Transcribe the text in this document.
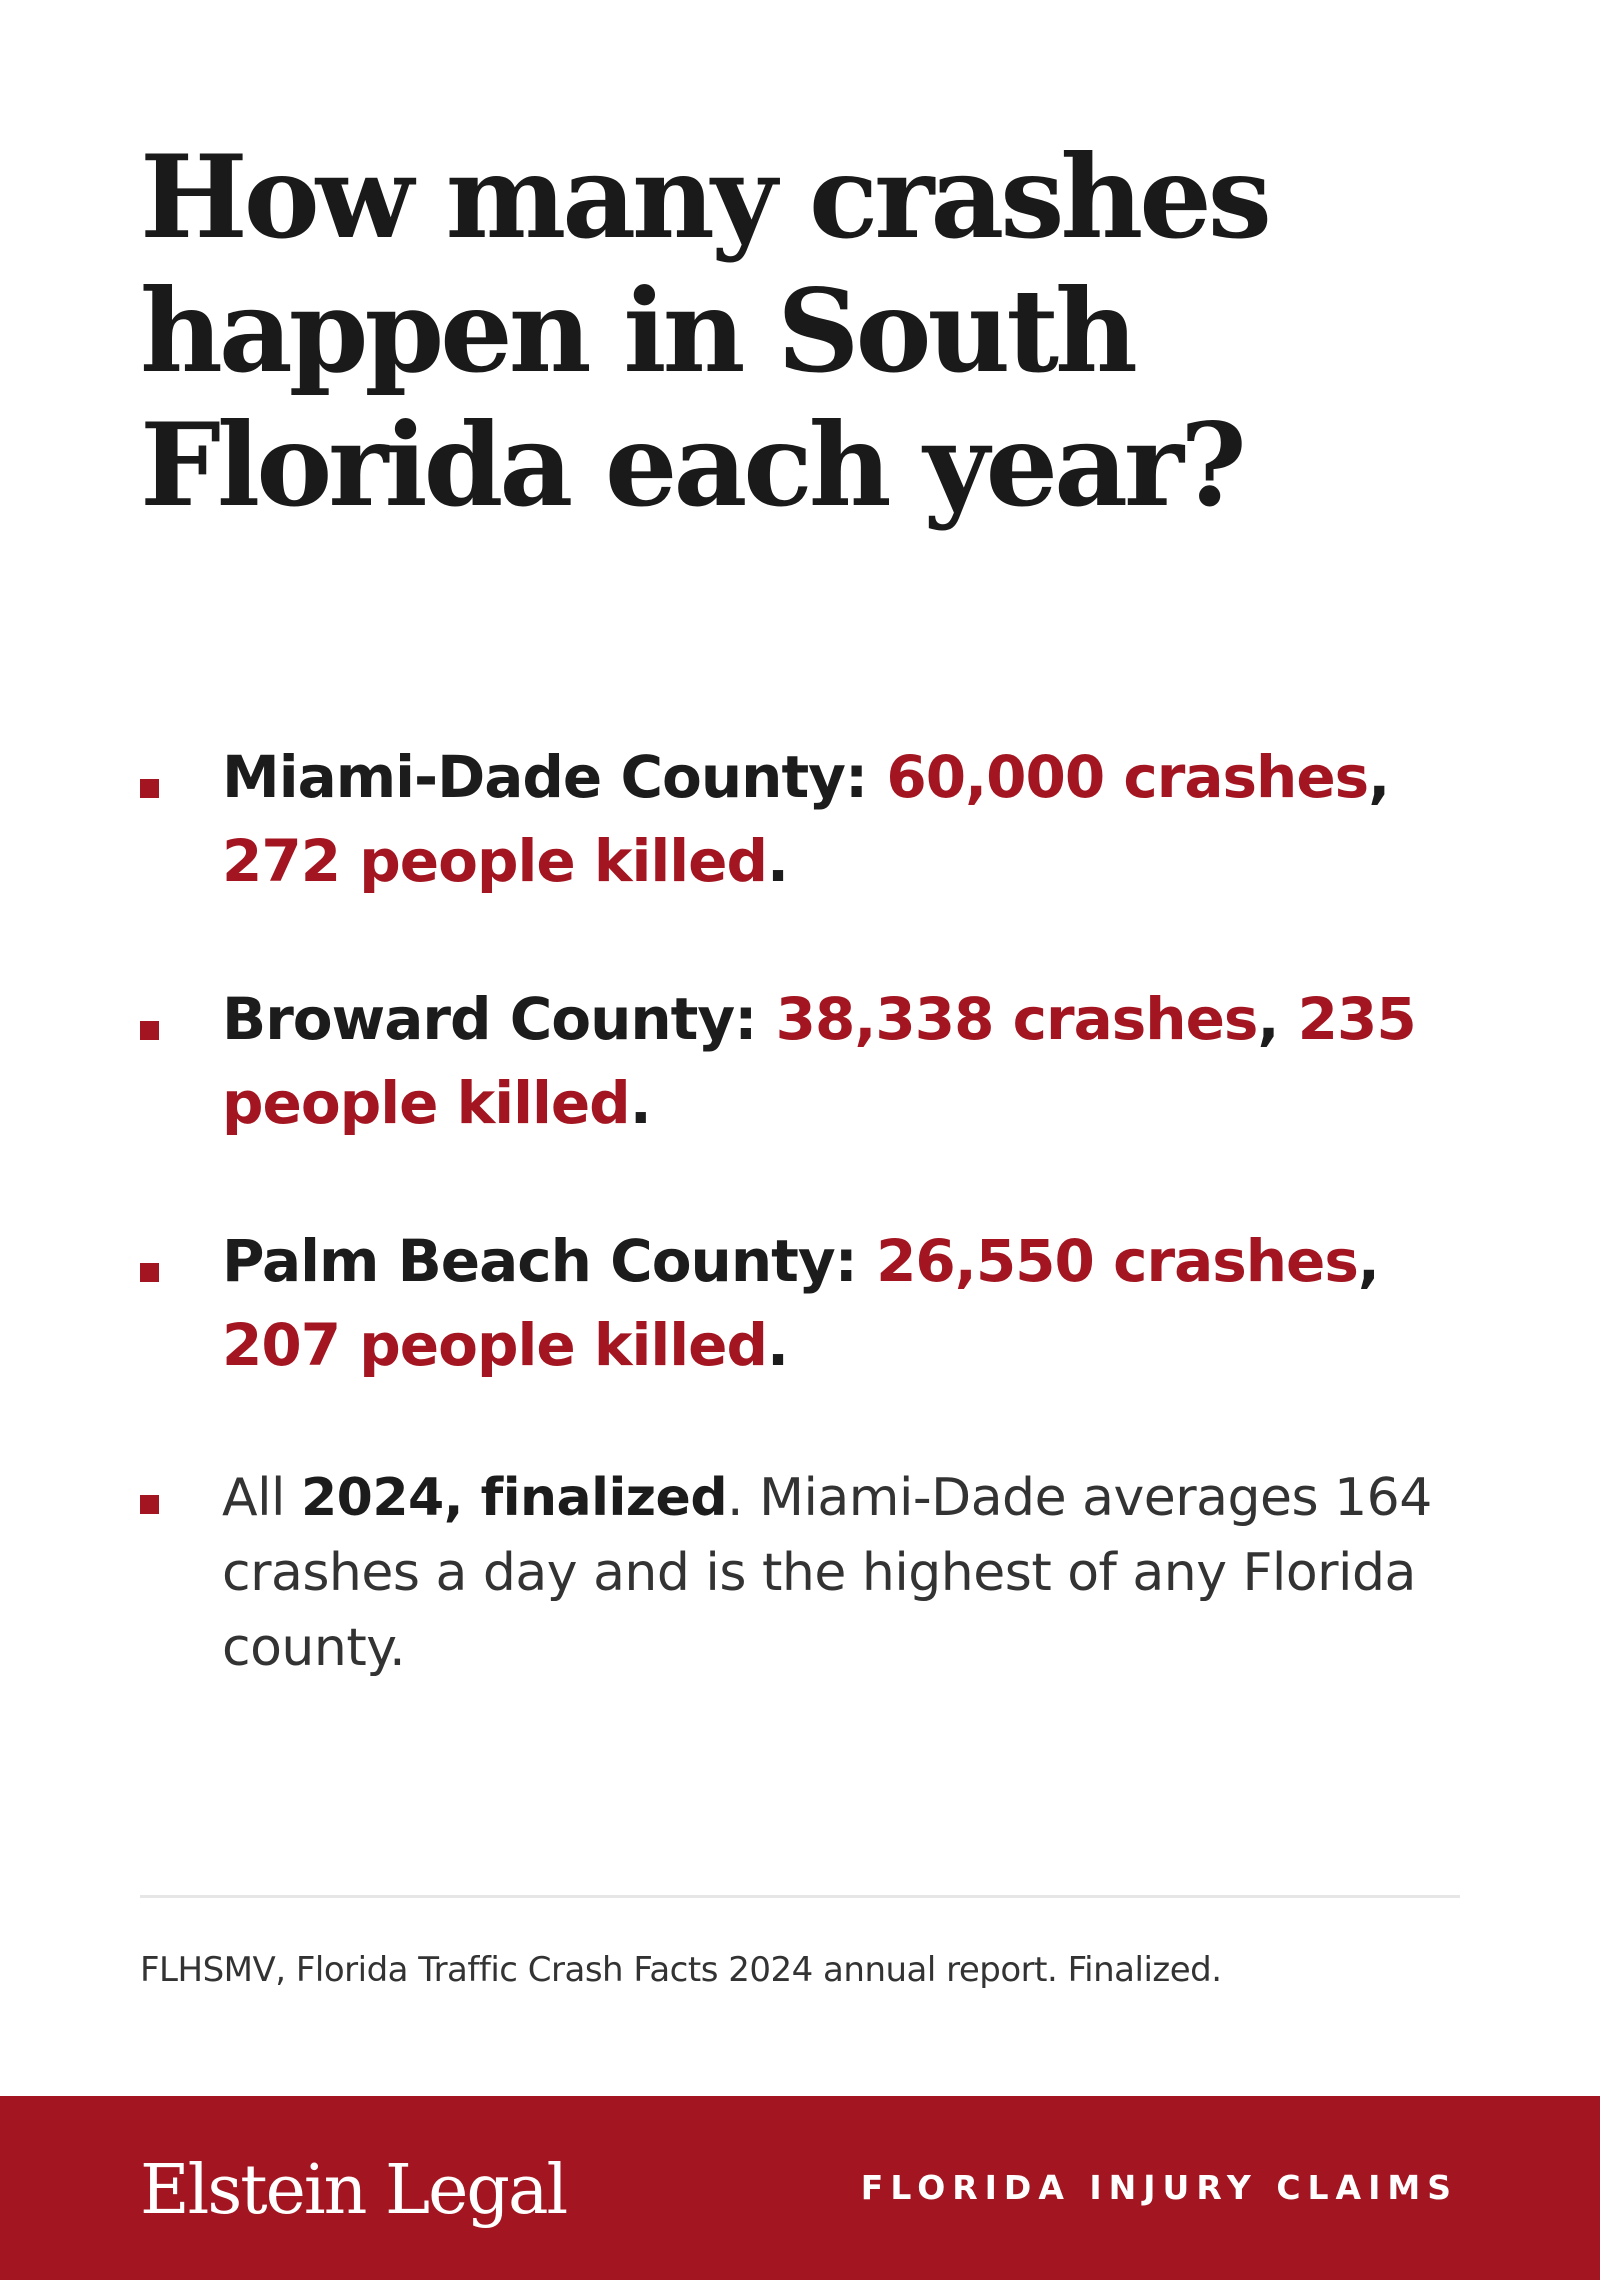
How many crashes
happen in South
Florida each year?
Miami-Dade County: 60,000 crashes, 272 people killed.
Broward County: 38,338 crashes, 235 people killed.
Palm Beach County: 26,550 crashes, 207 people killed.
All 2024, finalized. Miami-Dade averages 164 crashes a day and is the highest of any Florida county.
FLHSMV, Florida Traffic Crash Facts 2024 annual report. Finalized.
Elstein Legal	FLORIDA INJURY CLAIMS
